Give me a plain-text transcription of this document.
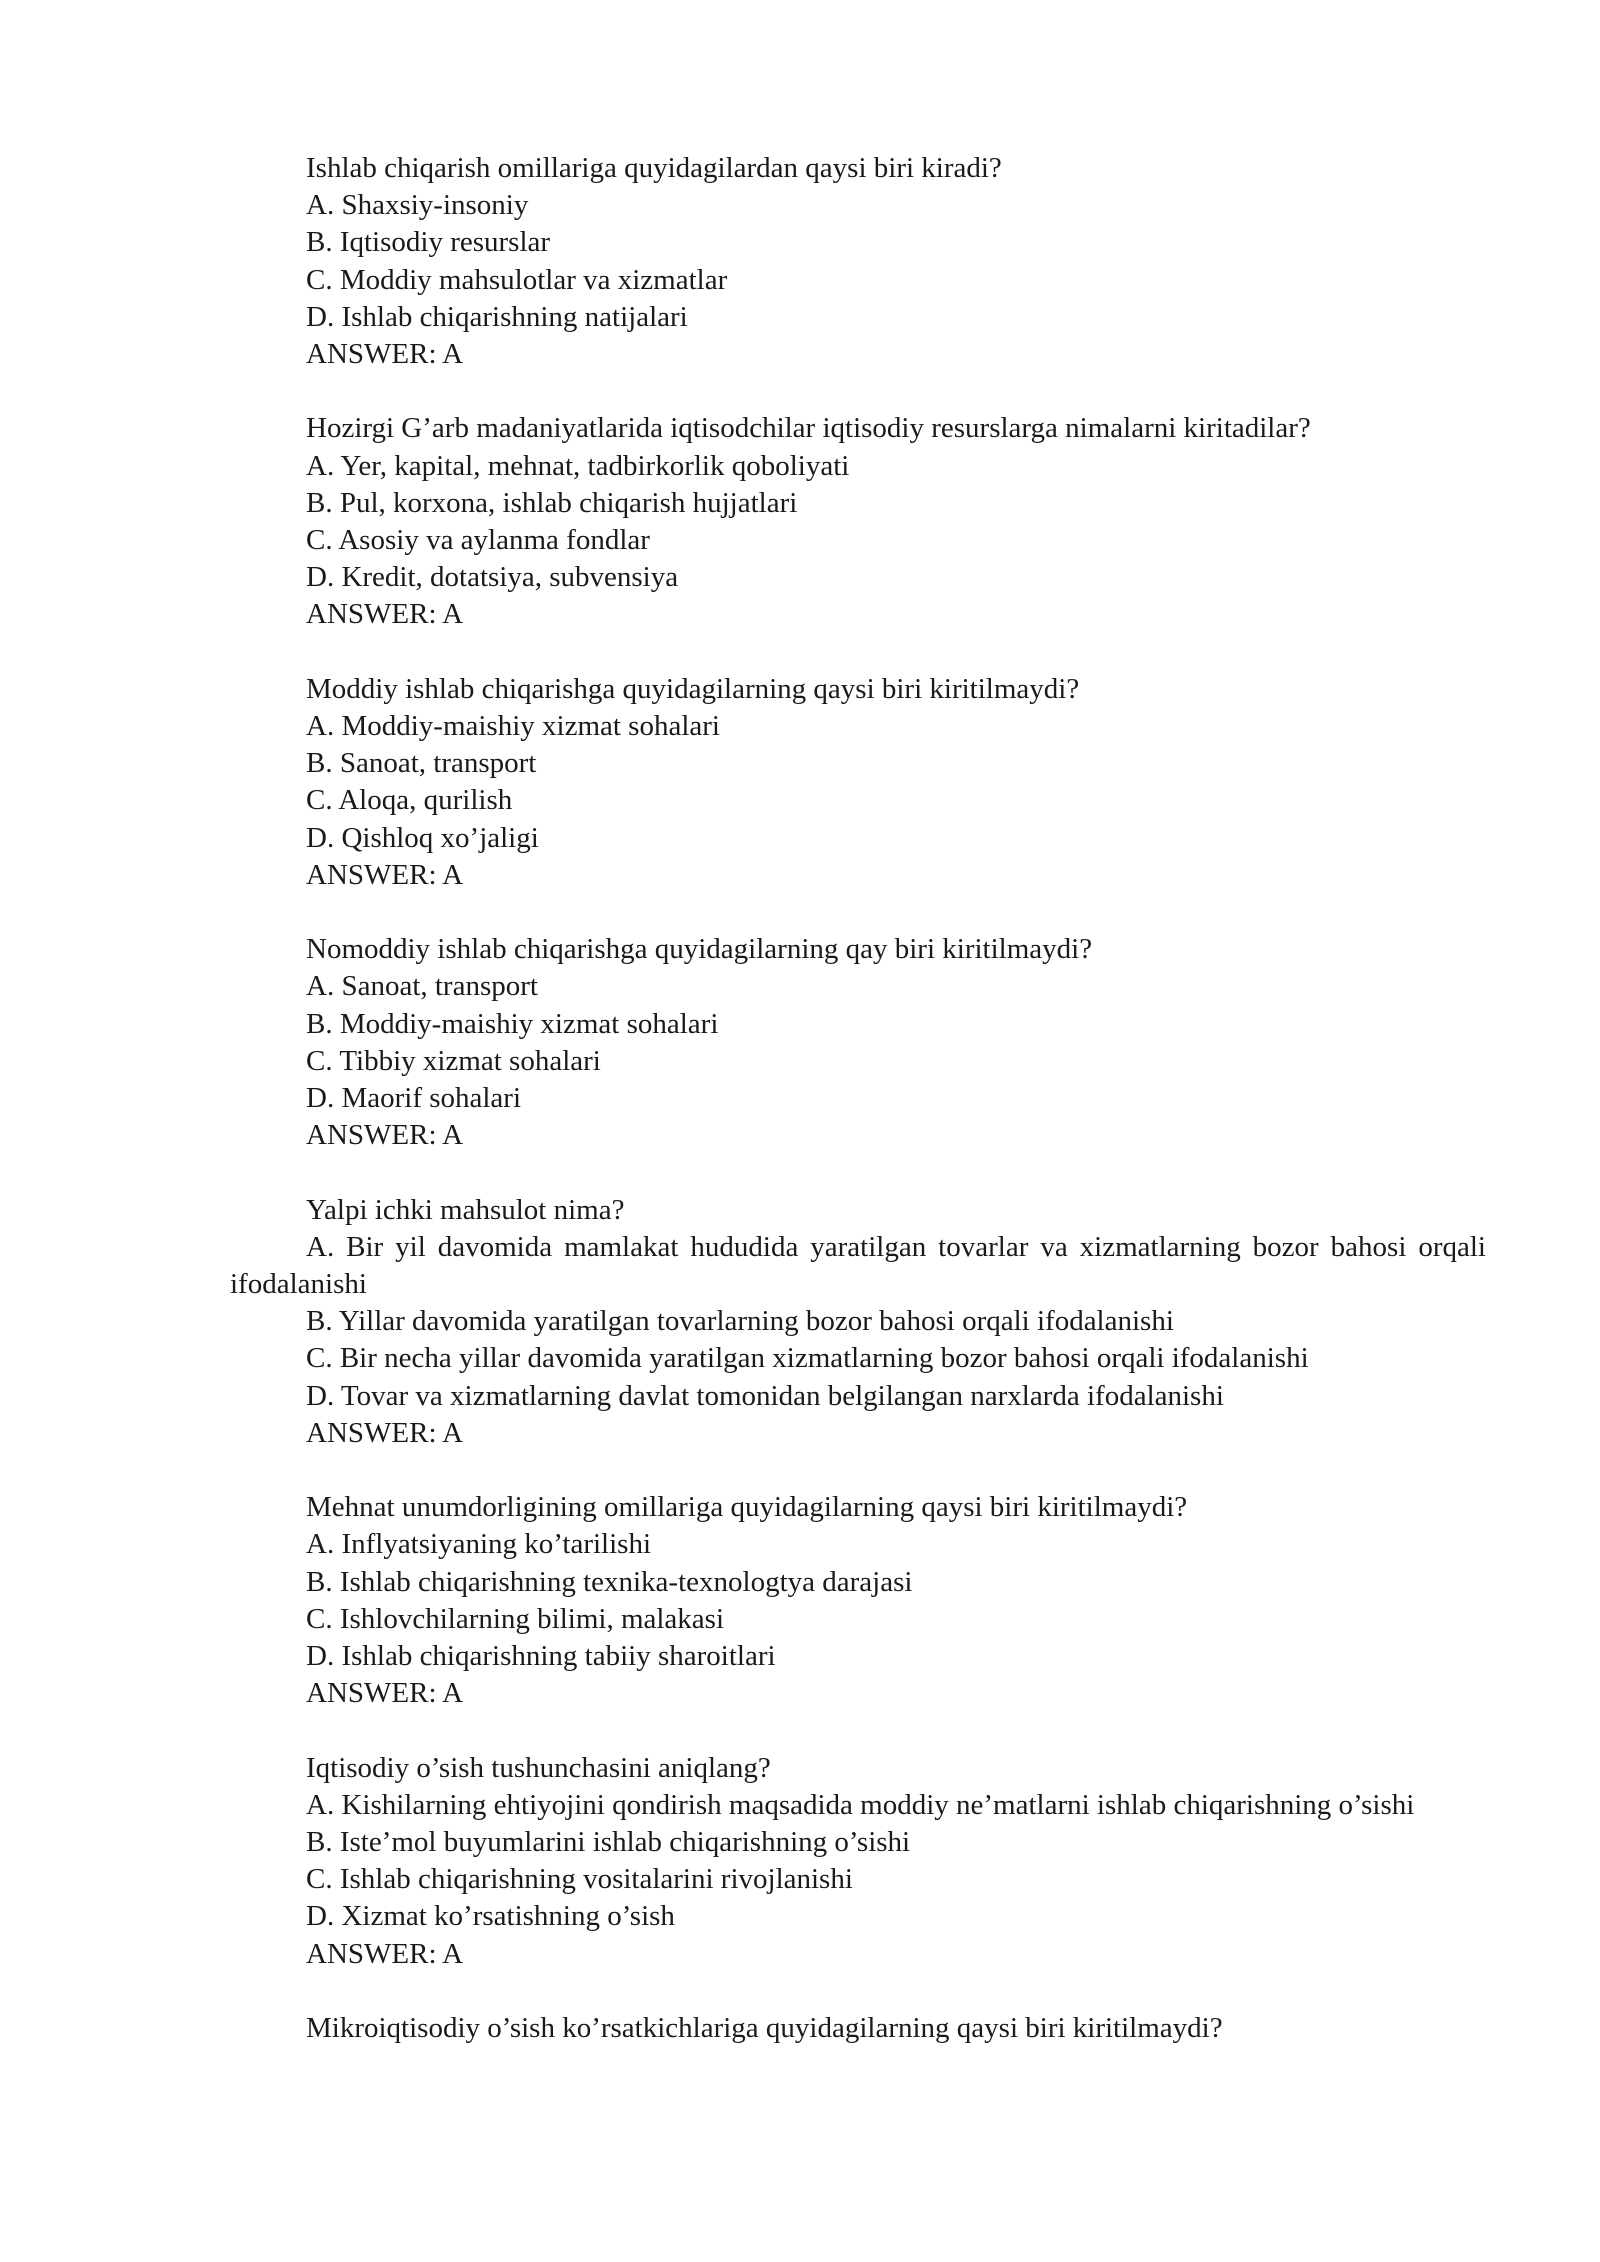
Ishlab chiqarish omillariga quyidagilardan qaysi biri kiradi?
A. Shaxsiy-insoniy
B. Iqtisodiy resurslar
C. Moddiy mahsulotlar va xizmatlar
D. Ishlab chiqarishning natijalari
ANSWER: A
Hozirgi G’arb madaniyatlarida iqtisodchilar iqtisodiy resurslarga nimalarni kiritadilar?
A. Yer, kapital, mehnat, tadbirkorlik qoboliyati
B. Pul, korxona, ishlab chiqarish hujjatlari
C. Asosiy va aylanma fondlar
D. Kredit, dotatsiya, subvensiya
ANSWER: A
Moddiy ishlab chiqarishga quyidagilarning qaysi biri kiritilmaydi?
A. Moddiy-maishiy xizmat sohalari
B. Sanoat, transport
C. Aloqa, qurilish
D. Qishloq xo’jaligi
ANSWER: A
Nomoddiy ishlab chiqarishga quyidagilarning qay biri kiritilmaydi?
A. Sanoat, transport
B. Moddiy-maishiy xizmat sohalari
C. Tibbiy xizmat sohalari
D. Maorif sohalari
ANSWER: A
Yalpi ichki mahsulot nima?
A. Bir yil davomida mamlakat hududida yaratilgan tovarlar va xizmatlarning bozor bahosi orqali ifodalanishi
B. Yillar davomida yaratilgan tovarlarning bozor bahosi orqali ifodalanishi
C. Bir necha yillar davomida yaratilgan xizmatlarning bozor bahosi orqali ifodalanishi
D. Tovar va xizmatlarning davlat tomonidan belgilangan narxlarda ifodalanishi
ANSWER: A
Mehnat unumdorligining omillariga quyidagilarning qaysi biri kiritilmaydi?
A. Inflyatsiyaning ko’tarilishi
B. Ishlab chiqarishning texnika-texnologtya darajasi
C. Ishlovchilarning bilimi, malakasi
D. Ishlab chiqarishning tabiiy sharoitlari
ANSWER: A
Iqtisodiy o’sish tushunchasini aniqlang?
A. Kishilarning ehtiyojini qondirish maqsadida moddiy ne’matlarni ishlab chiqarishning o’sishi
B. Iste’mol buyumlarini ishlab chiqarishning o’sishi
C. Ishlab chiqarishning vositalarini rivojlanishi
D. Xizmat ko’rsatishning o’sish
ANSWER: A
Mikroiqtisodiy o’sish ko’rsatkichlariga quyidagilarning qaysi biri kiritilmaydi?
